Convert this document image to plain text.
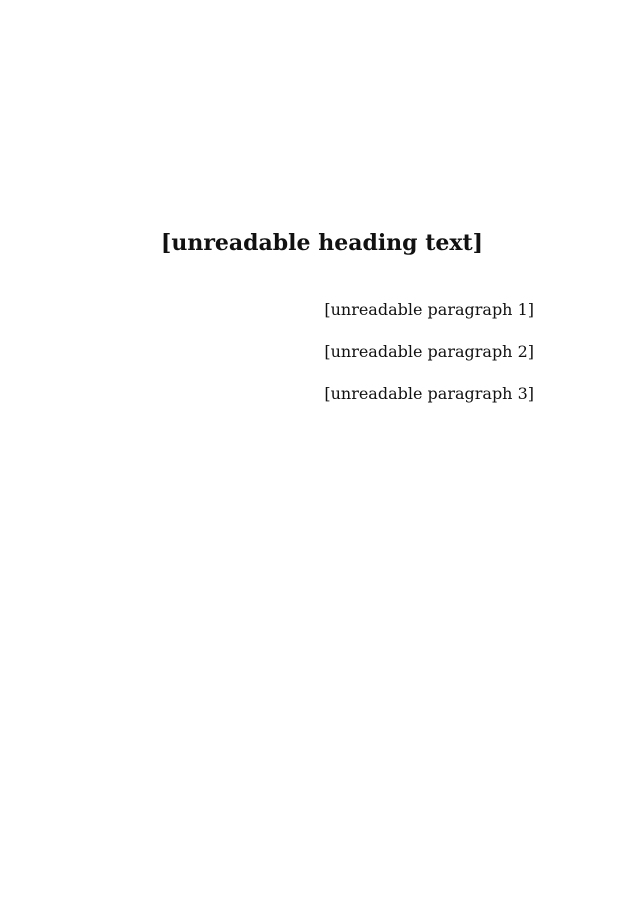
[unreadable heading text]

[unreadable paragraph 1]

[unreadable paragraph 2]

[unreadable paragraph 3]
